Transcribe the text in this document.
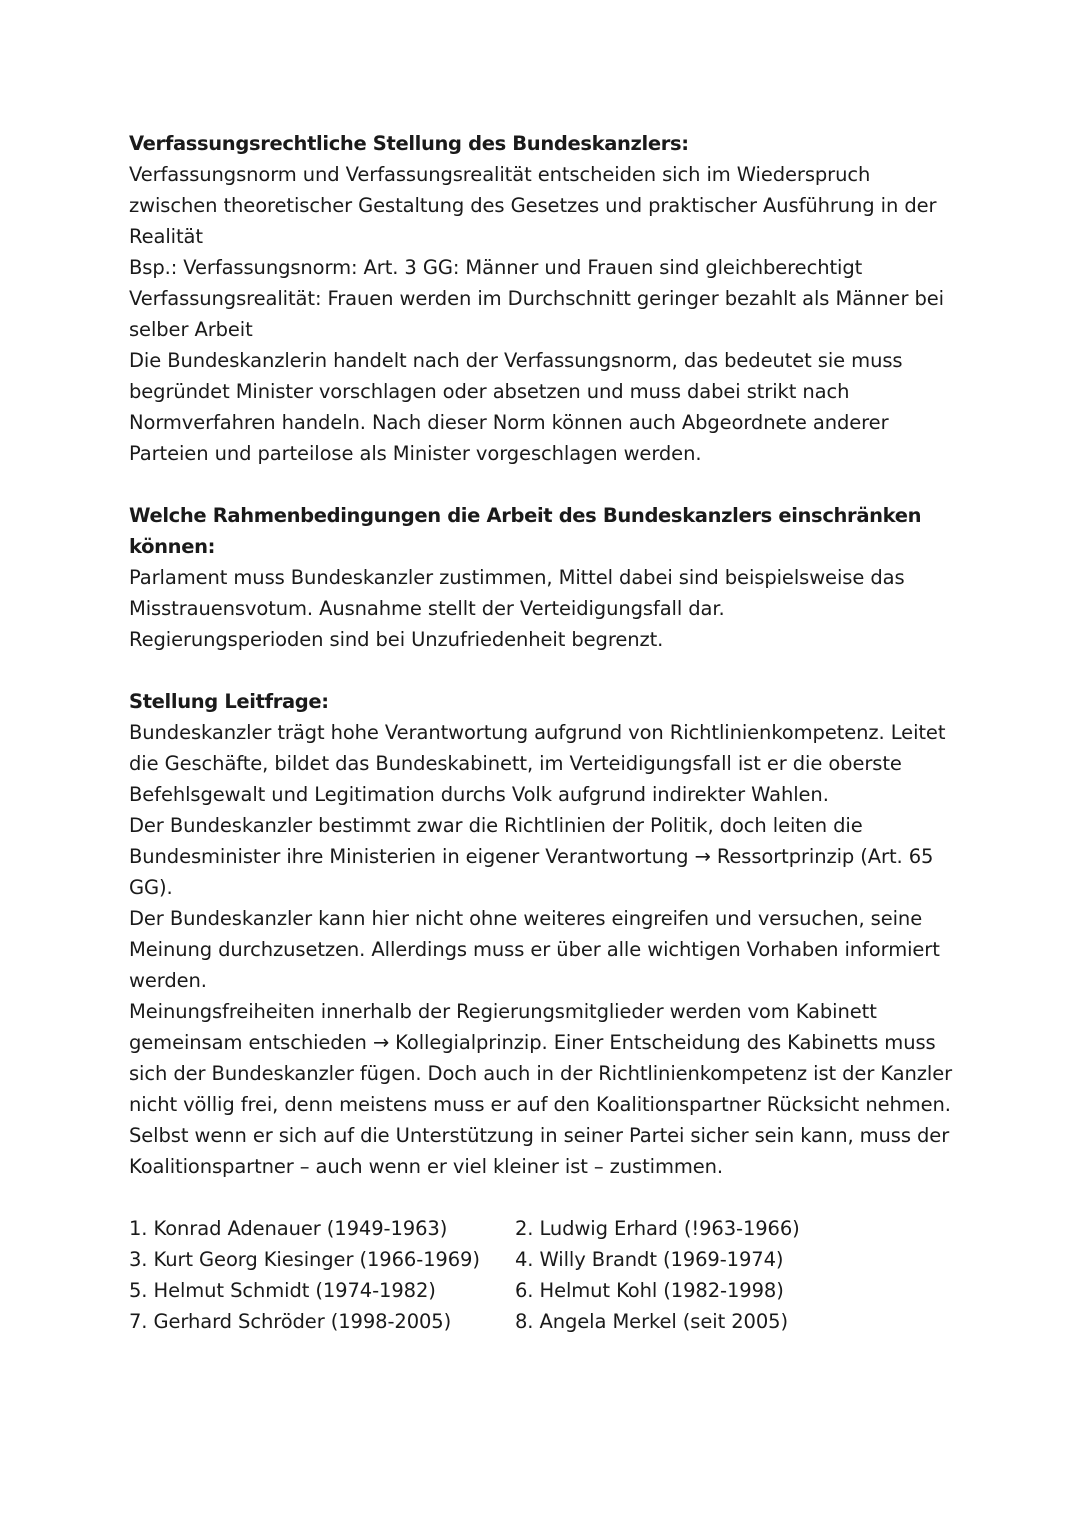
Verfassungsrechtliche Stellung des Bundeskanzlers:
Verfassungsnorm und Verfassungsrealität entscheiden sich im Wiederspruch zwischen theoretischer Gestaltung des Gesetzes und praktischer Ausführung in der Realität
Bsp.: Verfassungsnorm: Art. 3 GG: Männer und Frauen sind gleichberechtigt
Verfassungsrealität: Frauen werden im Durchschnitt geringer bezahlt als Männer bei selber Arbeit
Die Bundeskanzlerin handelt nach der Verfassungsnorm, das bedeutet sie muss begründet Minister vorschlagen oder absetzen und muss dabei strikt nach Normverfahren handeln. Nach dieser Norm können auch Abgeordnete anderer Parteien und parteilose als Minister vorgeschlagen werden.
Welche Rahmenbedingungen die Arbeit des Bundeskanzlers einschränken können:
Parlament muss Bundeskanzler zustimmen, Mittel dabei sind beispielsweise das Misstrauensvotum. Ausnahme stellt der Verteidigungsfall dar.
Regierungsperioden sind bei Unzufriedenheit begrenzt.
Stellung Leitfrage:
Bundeskanzler trägt hohe Verantwortung aufgrund von Richtlinienkompetenz. Leitet die Geschäfte, bildet das Bundeskabinett, im Verteidigungsfall ist er die oberste Befehlsgewalt und Legitimation durchs Volk aufgrund indirekter Wahlen.
Der Bundeskanzler bestimmt zwar die Richtlinien der Politik, doch leiten die Bundesminister ihre Ministerien in eigener Verantwortung → Ressortprinzip (Art. 65 GG).
Der Bundeskanzler kann hier nicht ohne weiteres eingreifen und versuchen, seine Meinung durchzusetzen. Allerdings muss er über alle wichtigen Vorhaben informiert werden.
Meinungsfreiheiten innerhalb der Regierungsmitglieder werden vom Kabinett gemeinsam entschieden → Kollegialprinzip. Einer Entscheidung des Kabinetts muss sich der Bundeskanzler fügen. Doch auch in der Richtlinienkompetenz ist der Kanzler nicht völlig frei, denn meistens muss er auf den Koalitionspartner Rücksicht nehmen. Selbst wenn er sich auf die Unterstützung in seiner Partei sicher sein kann, muss der Koalitionspartner – auch wenn er viel kleiner ist – zustimmen.
1. Konrad Adenauer (1949-1963)	2. Ludwig Erhard (!963-1966)
3. Kurt Georg Kiesinger (1966-1969)	4. Willy Brandt (1969-1974)
5. Helmut Schmidt (1974-1982)	6. Helmut Kohl (1982-1998)
7. Gerhard Schröder (1998-2005)	8. Angela Merkel (seit 2005)
